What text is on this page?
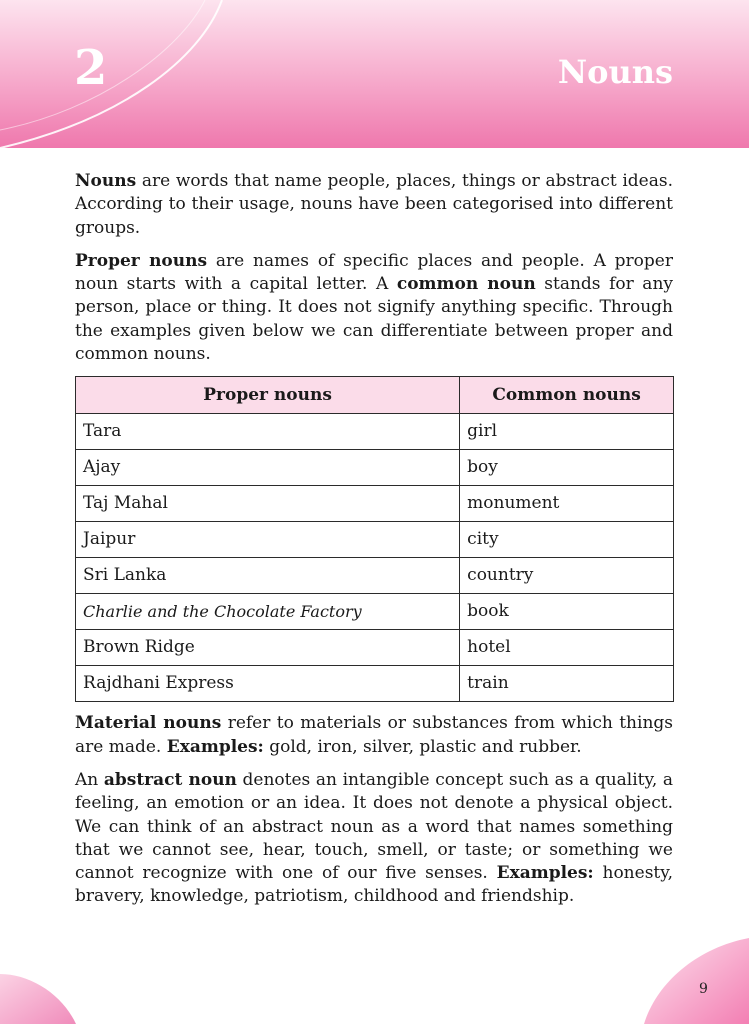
2	Nouns

Nouns are words that name people, places, things or abstract ideas. According to their usage, nouns have been categorised into different groups.

Proper nouns are names of specific places and people. A proper noun starts with a capital letter. A common noun stands for any person, place or thing. It does not signify anything specific. Through the examples given below we can differentiate between proper and common nouns.

Proper nouns	Common nouns
Tara	girl
Ajay	boy
Taj Mahal	monument
Jaipur	city
Sri Lanka	country
Charlie and the Chocolate Factory	book
Brown Ridge	hotel
Rajdhani Express	train

Material nouns refer to materials or substances from which things are made. Examples: gold, iron, silver, plastic and rubber.

An abstract noun denotes an intangible concept such as a quality, a feeling, an emotion or an idea. It does not denote a physical object. We can think of an abstract noun as a word that names something that we cannot see, hear, touch, smell, or taste; or something we cannot recognize with one of our five senses. Examples: honesty, bravery, knowledge, patriotism, childhood and friendship.

9
